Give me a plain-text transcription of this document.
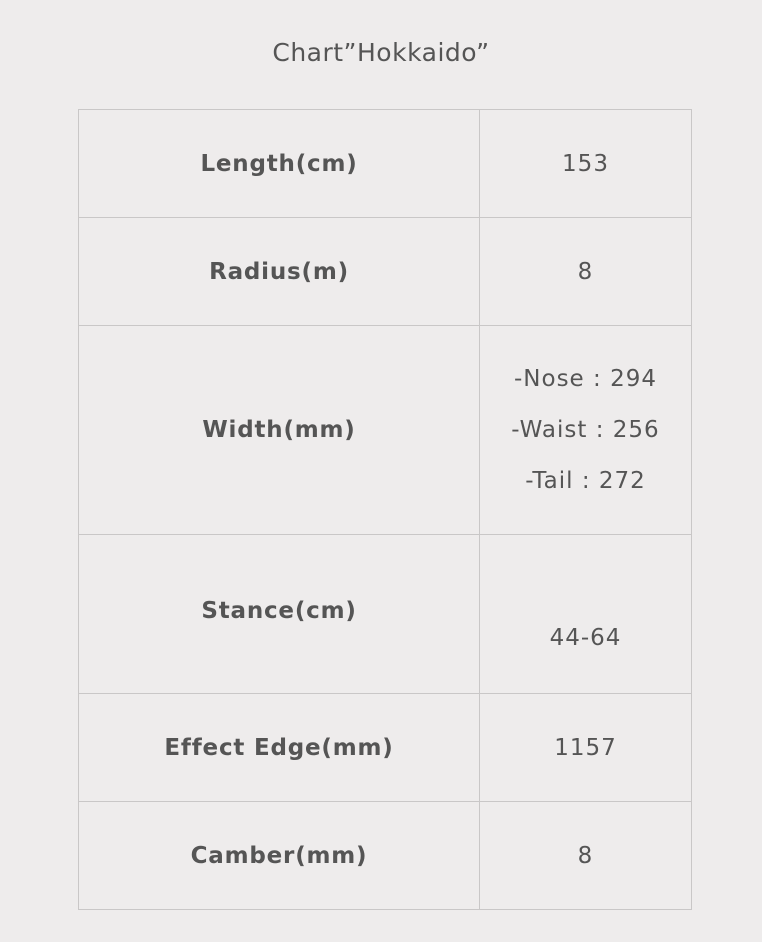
Chart”Hokkaido”
Length(cm)	153
Radius(m)	8
Width(mm)	-Nose : 294
-Waist : 256
-Tail : 272

Stance(cm)	44-64

Effect Edge(mm)	1157
Camber(mm)	8
